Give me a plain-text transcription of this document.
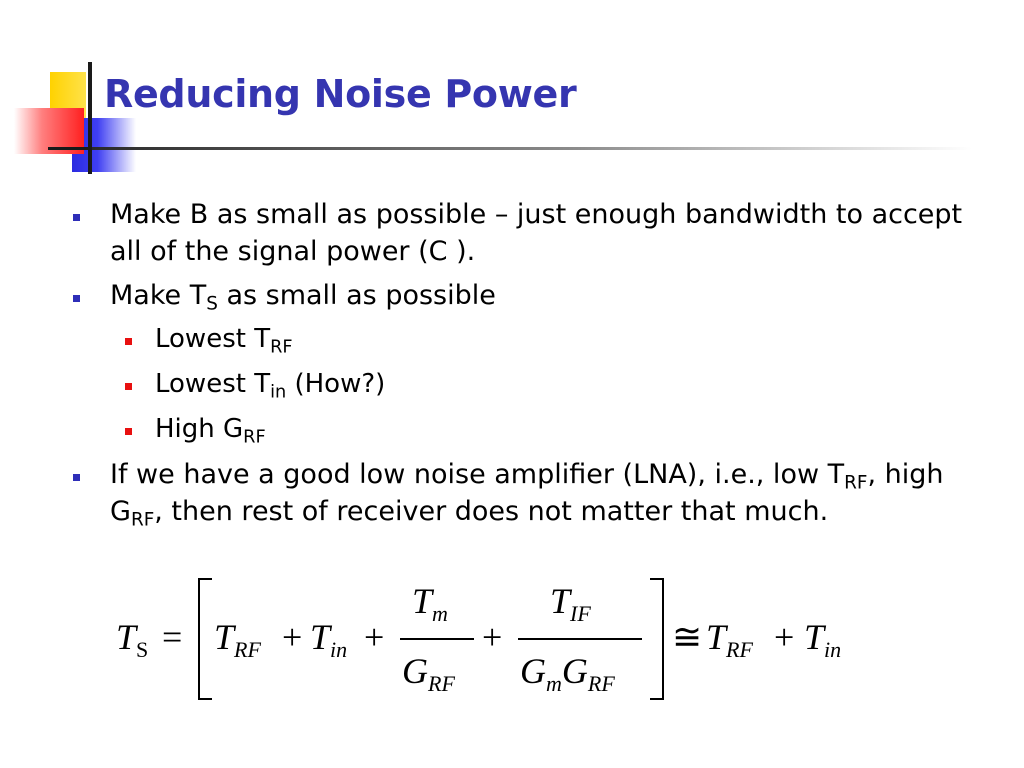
Reducing Noise Power
Make B as small as possible – just enough bandwidth to accept all of the signal power (C ).
Make $T_S$ as small as possible
Lowest $T_{RF}$
Lowest $T_{in}$ (How?)
High $G_{RF}$
If we have a good low noise amplifier (LNA), i.e., low $T_{RF}$, high $G_{RF}$, then rest of receiver does not matter that much.
$T_S = T_{RF} + T_{in}$ +
$T_m$
$G_{RF}$
+
$T_{IF}$
$G_mG_{RF}$
≅ $T_{RF} + T_{in}$
